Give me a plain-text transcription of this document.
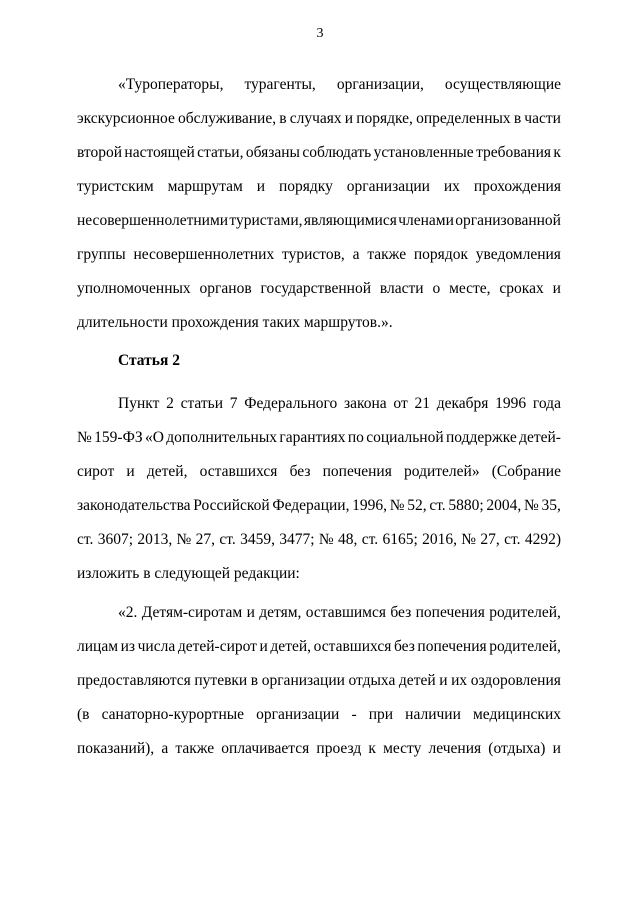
3
«Туроператоры, турагенты, организации, осуществляющие
экскурсионное обслуживание, в случаях и порядке, определенных в части
второй настоящей статьи, обязаны соблюдать установленные требования к
туристским маршрутам и порядку организации их прохождения
несовершеннолетними туристами, являющимися членами организованной
группы несовершеннолетних туристов, а также порядок уведомления
уполномоченных органов государственной власти о месте, сроках и
длительности прохождения таких маршрутов.».
Статья 2
Пункт 2 статьи 7 Федерального закона от 21 декабря 1996 года
№ 159-ФЗ «О дополнительных гарантиях по социальной поддержке детей-
сирот и детей, оставшихся без попечения родителей» (Собрание
законодательства Российской Федерации, 1996, № 52, ст. 5880; 2004, № 35,
ст. 3607; 2013, № 27, ст. 3459, 3477; № 48, ст. 6165; 2016, № 27, ст. 4292)
изложить в следующей редакции:
«2. Детям-сиротам и детям, оставшимся без попечения родителей,
лицам из числа детей-сирот и детей, оставшихся без попечения родителей,
предоставляются путевки в организации отдыха детей и их оздоровления
(в санаторно-курортные организации - при наличии медицинских
показаний), а также оплачивается проезд к месту лечения (отдыха) и
